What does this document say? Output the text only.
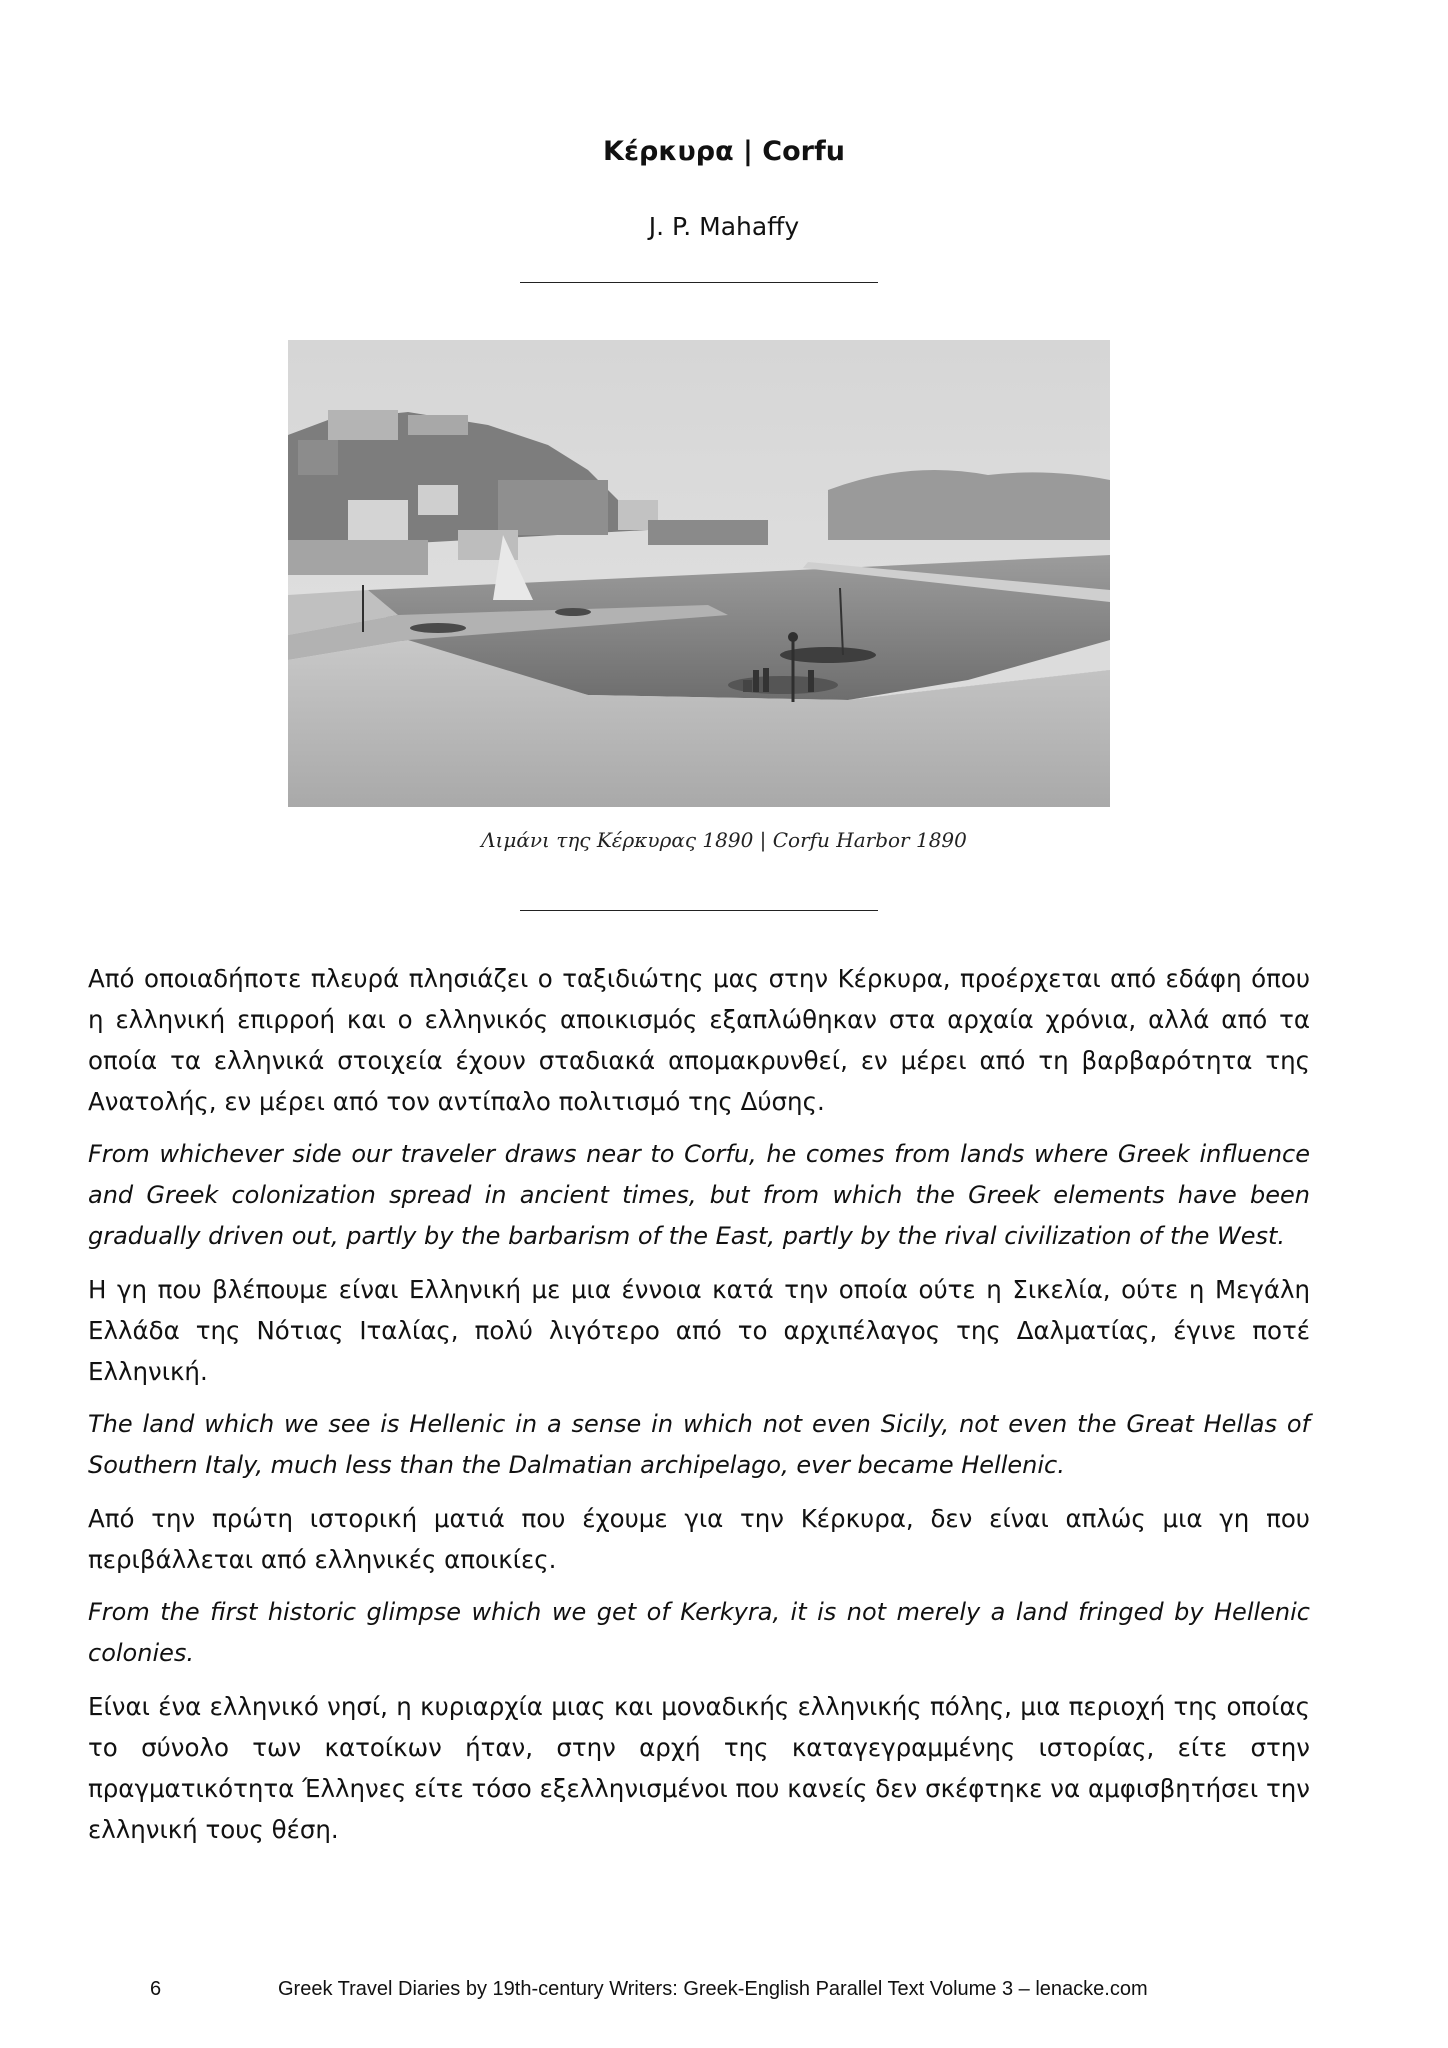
Κέρκυρα | Corfu
J. P. Mahaffy
Λιμάνι της Κέρκυρας 1890 | Corfu Harbor 1890

Από οποιαδήποτε πλευρά πλησιάζει ο ταξιδιώτης μας στην Κέρκυρα, προέρχεται από εδάφη όπου η ελληνική επιρροή και ο ελληνικός αποικισμός εξαπλώθηκαν στα αρχαία χρόνια, αλλά από τα οποία τα ελληνικά στοιχεία έχουν σταδιακά απομακρυνθεί, εν μέρει από τη βαρβαρότητα της Ανατολής, εν μέρει από τον αντίπαλο πολιτισμό της Δύσης.

From whichever side our traveler draws near to Corfu, he comes from lands where Greek influence and Greek colonization spread in ancient times, but from which the Greek elements have been gradually driven out, partly by the barbarism of the East, partly by the rival civilization of the West.

Η γη που βλέπουμε είναι Ελληνική με μια έννοια κατά την οποία ούτε η Σικελία, ούτε η Μεγάλη Ελλάδα της Νότιας Ιταλίας, πολύ λιγότερο από το αρχιπέλαγος της Δαλματίας, έγινε ποτέ Ελληνική.

The land which we see is Hellenic in a sense in which not even Sicily, not even the Great Hellas of Southern Italy, much less than the Dalmatian archipelago, ever became Hellenic.

Από την πρώτη ιστορική ματιά που έχουμε για την Κέρκυρα, δεν είναι απλώς μια γη που περιβάλλεται από ελληνικές αποικίες.

From the first historic glimpse which we get of Kerkyra, it is not merely a land fringed by Hellenic colonies.

Είναι ένα ελληνικό νησί, η κυριαρχία μιας και μοναδικής ελληνικής πόλης, μια περιοχή της οποίας το σύνολο των κατοίκων ήταν, στην αρχή της καταγεγραμμένης ιστορίας, είτε στην πραγματικότητα Έλληνες είτε τόσο εξελληνισμένοι που κανείς δεν σκέφτηκε να αμφισβητήσει την ελληνική τους θέση.

6	Greek Travel Diaries by 19th-century Writers: Greek-English Parallel Text Volume 3 – lenacke.com
